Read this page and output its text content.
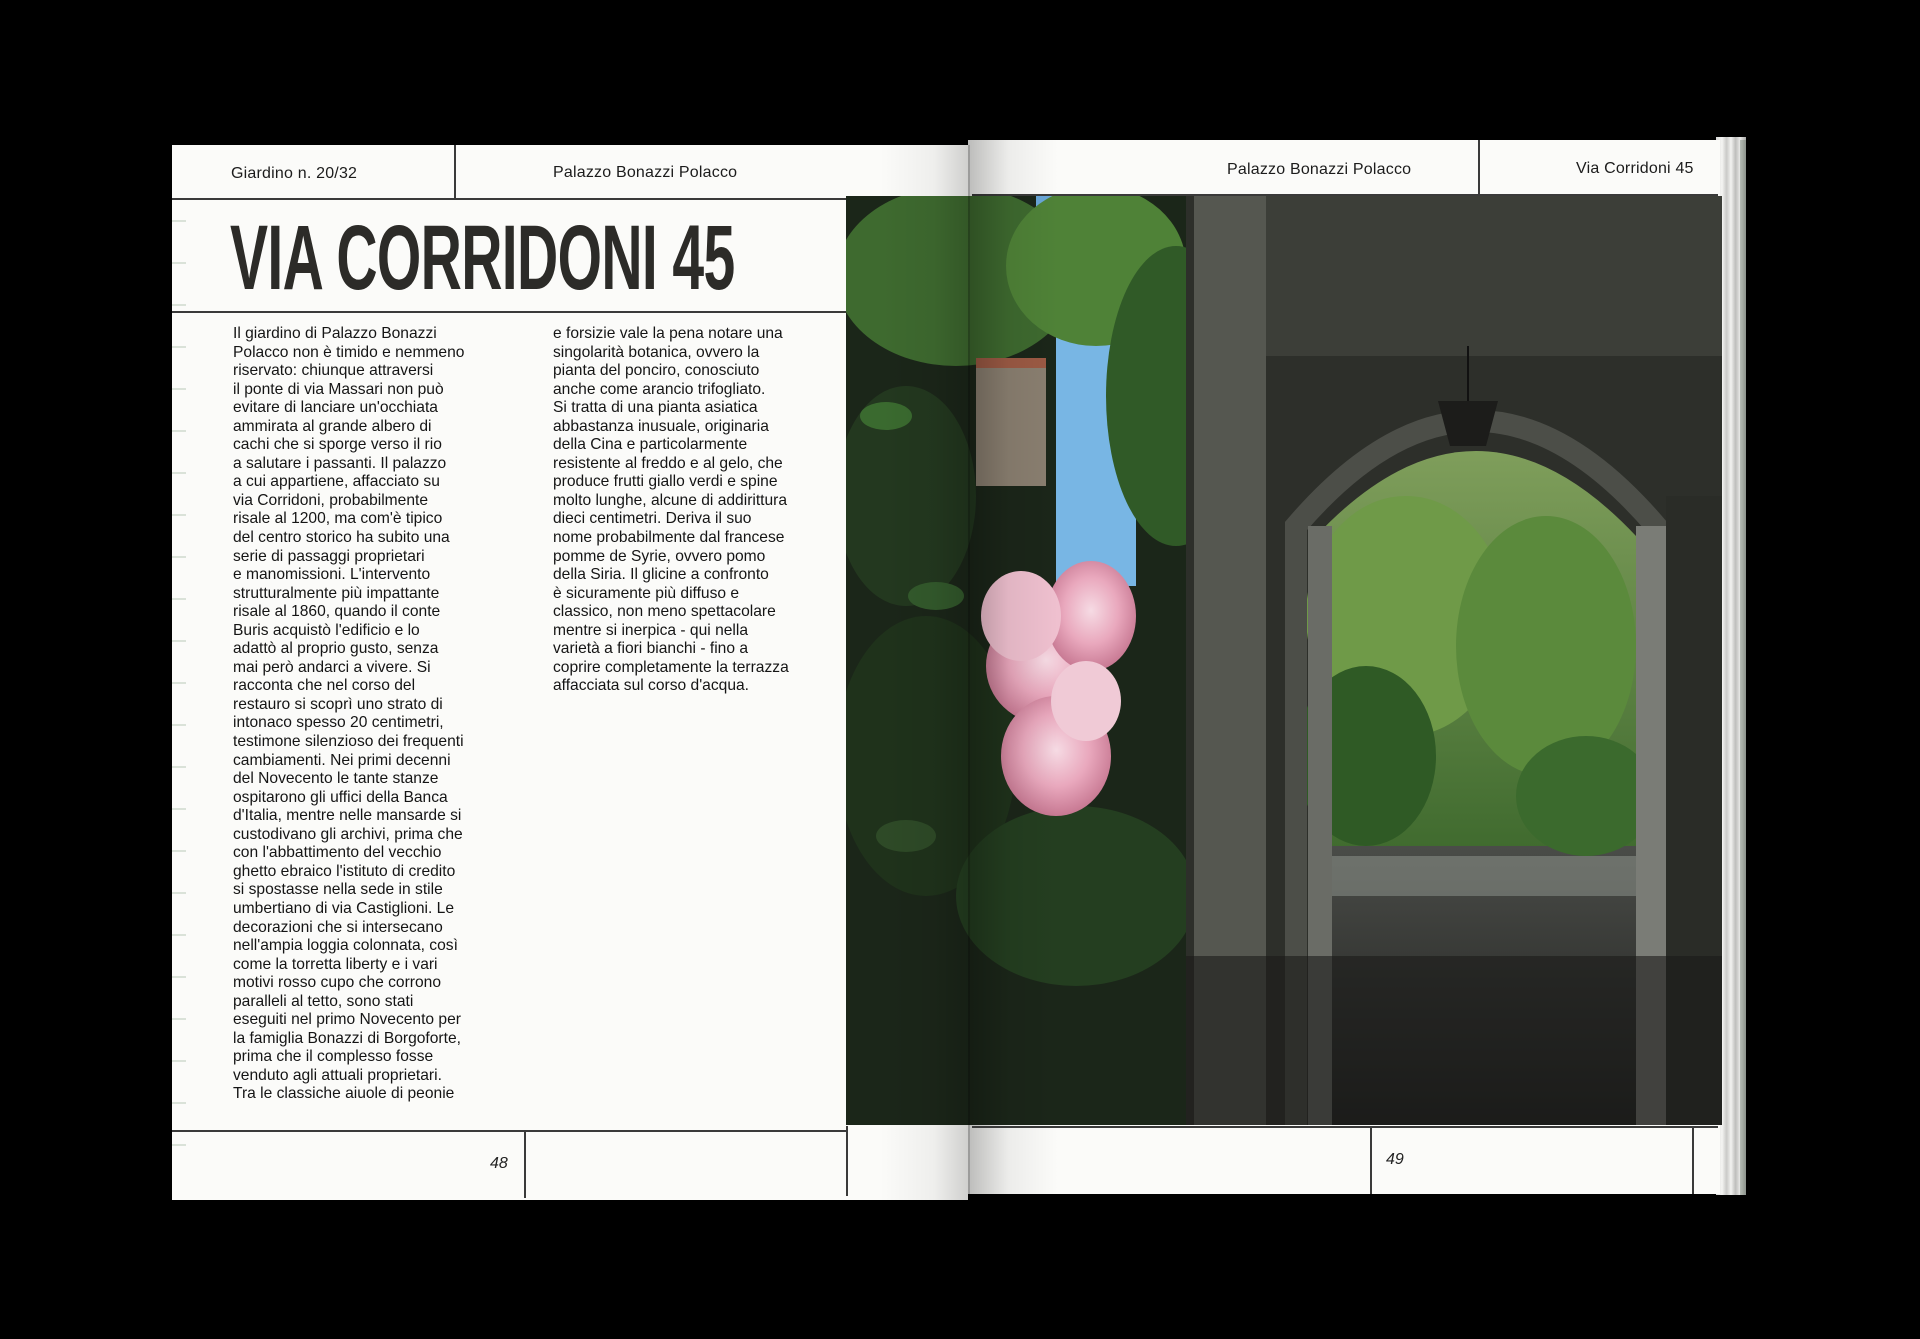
Giardino n. 20/32	Palazzo Bonazzi Polacco	Palazzo Bonazzi Polacco	Via Corridoni 45
VIA CORRIDONI 45
Il giardino di Palazzo Bonazzi
Polacco non è timido e nemmeno
riservato: chiunque attraversi
il ponte di via Massari non può
evitare di lanciare un'occhiata
ammirata al grande albero di
cachi che si sporge verso il rio
a salutare i passanti. Il palazzo
a cui appartiene, affacciato su
via Corridoni, probabilmente
risale al 1200, ma com'è tipico
del centro storico ha subito una
serie di passaggi proprietari
e manomissioni. L'intervento
strutturalmente più impattante
risale al 1860, quando il conte
Buris acquistò l'edificio e lo
adattò al proprio gusto, senza
mai però andarci a vivere. Si
racconta che nel corso del
restauro si scoprì uno strato di
intonaco spesso 20 centimetri,
testimone silenzioso dei frequenti
cambiamenti. Nei primi decenni
del Novecento le tante stanze
ospitarono gli uffici della Banca
d'Italia, mentre nelle mansarde si
custodivano gli archivi, prima che
con l'abbattimento del vecchio
ghetto ebraico l'istituto di credito
si spostasse nella sede in stile
umbertiano di via Castiglioni. Le
decorazioni che si intersecano
nell'ampia loggia colonnata, così
come la torretta liberty e i vari
motivi rosso cupo che corrono
paralleli al tetto, sono stati
eseguiti nel primo Novecento per
la famiglia Bonazzi di Borgoforte,
prima che il complesso fosse
venduto agli attuali proprietari.
Tra le classiche aiuole di peonie
e forsizie vale la pena notare una
singolarità botanica, ovvero la
pianta del ponciro, conosciuto
anche come arancio trifogliato.
Si tratta di una pianta asiatica
abbastanza inusuale, originaria
della Cina e particolarmente
resistente al freddo e al gelo, che
produce frutti giallo verdi e spine
molto lunghe, alcune di addirittura
dieci centimetri. Deriva il suo
nome probabilmente dal francese
pomme de Syrie, ovvero pomo
della Siria. Il glicine a confronto
è sicuramente più diffuso e
classico, non meno spettacolare
mentre si inerpica - qui nella
varietà a fiori bianchi - fino a
coprire completamente la terrazza
affacciata sul corso d'acqua.
48	49
